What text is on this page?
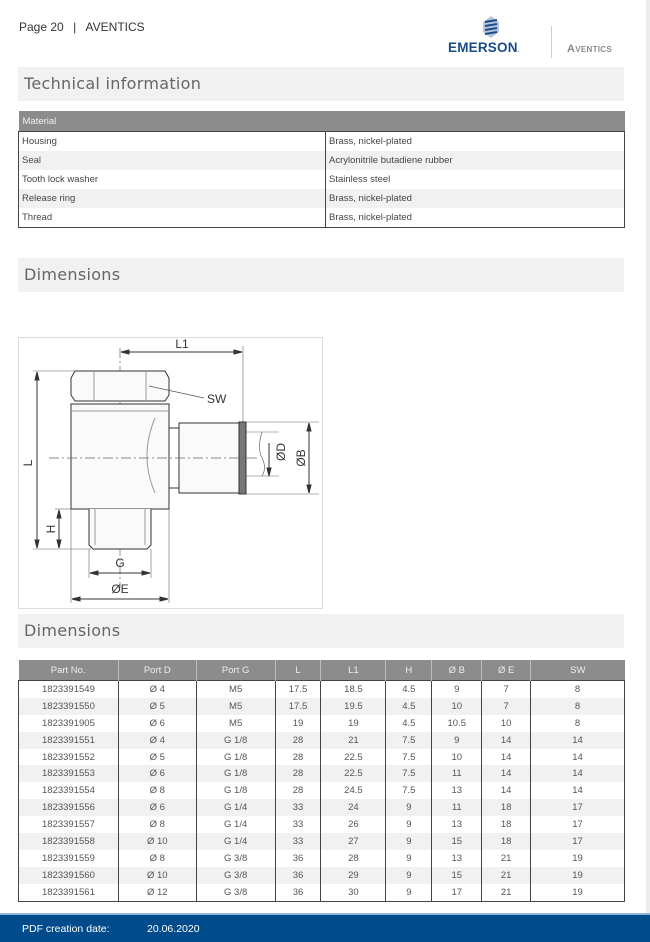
Page 20 | AVENTICS
EMERSON.	Aventics
Technical information
Material	
Housing	Brass, nickel-plated
Seal	Acrylonitrile butadiene rubber
Tooth lock washer	Stainless steel
Release ring	Brass, nickel-plated
Thread	Brass, nickel-plated
Dimensions
L1
SW
ØD ØB
L
H
G
ØE
Dimensions
Part No.	Port D	Port G	L	L1	H	Ø B	Ø E	SW
1823391549	Ø 4	M5	17.5	18.5	4.5	9	7	8
1823391550	Ø 5	M5	17.5	19.5	4.5	10	7	8
1823391905	Ø 6	M5	19	19	4.5	10.5	10	8
1823391551	Ø 4	G 1/8	28	21	7.5	9	14	14
1823391552	Ø 5	G 1/8	28	22.5	7.5	10	14	14
1823391553	Ø 6	G 1/8	28	22.5	7.5	11	14	14
1823391554	Ø 8	G 1/8	28	24.5	7.5	13	14	14
1823391556	Ø 6	G 1/4	33	24	9	11	18	17
1823391557	Ø 8	G 1/4	33	26	9	13	18	17
1823391558	Ø 10	G 1/4	33	27	9	15	18	17
1823391559	Ø 8	G 3/8	36	28	9	13	21	19
1823391560	Ø 10	G 3/8	36	29	9	15	21	19
1823391561	Ø 12	G 3/8	36	30	9	17	21	19
PDF creation date:	20.06.2020
